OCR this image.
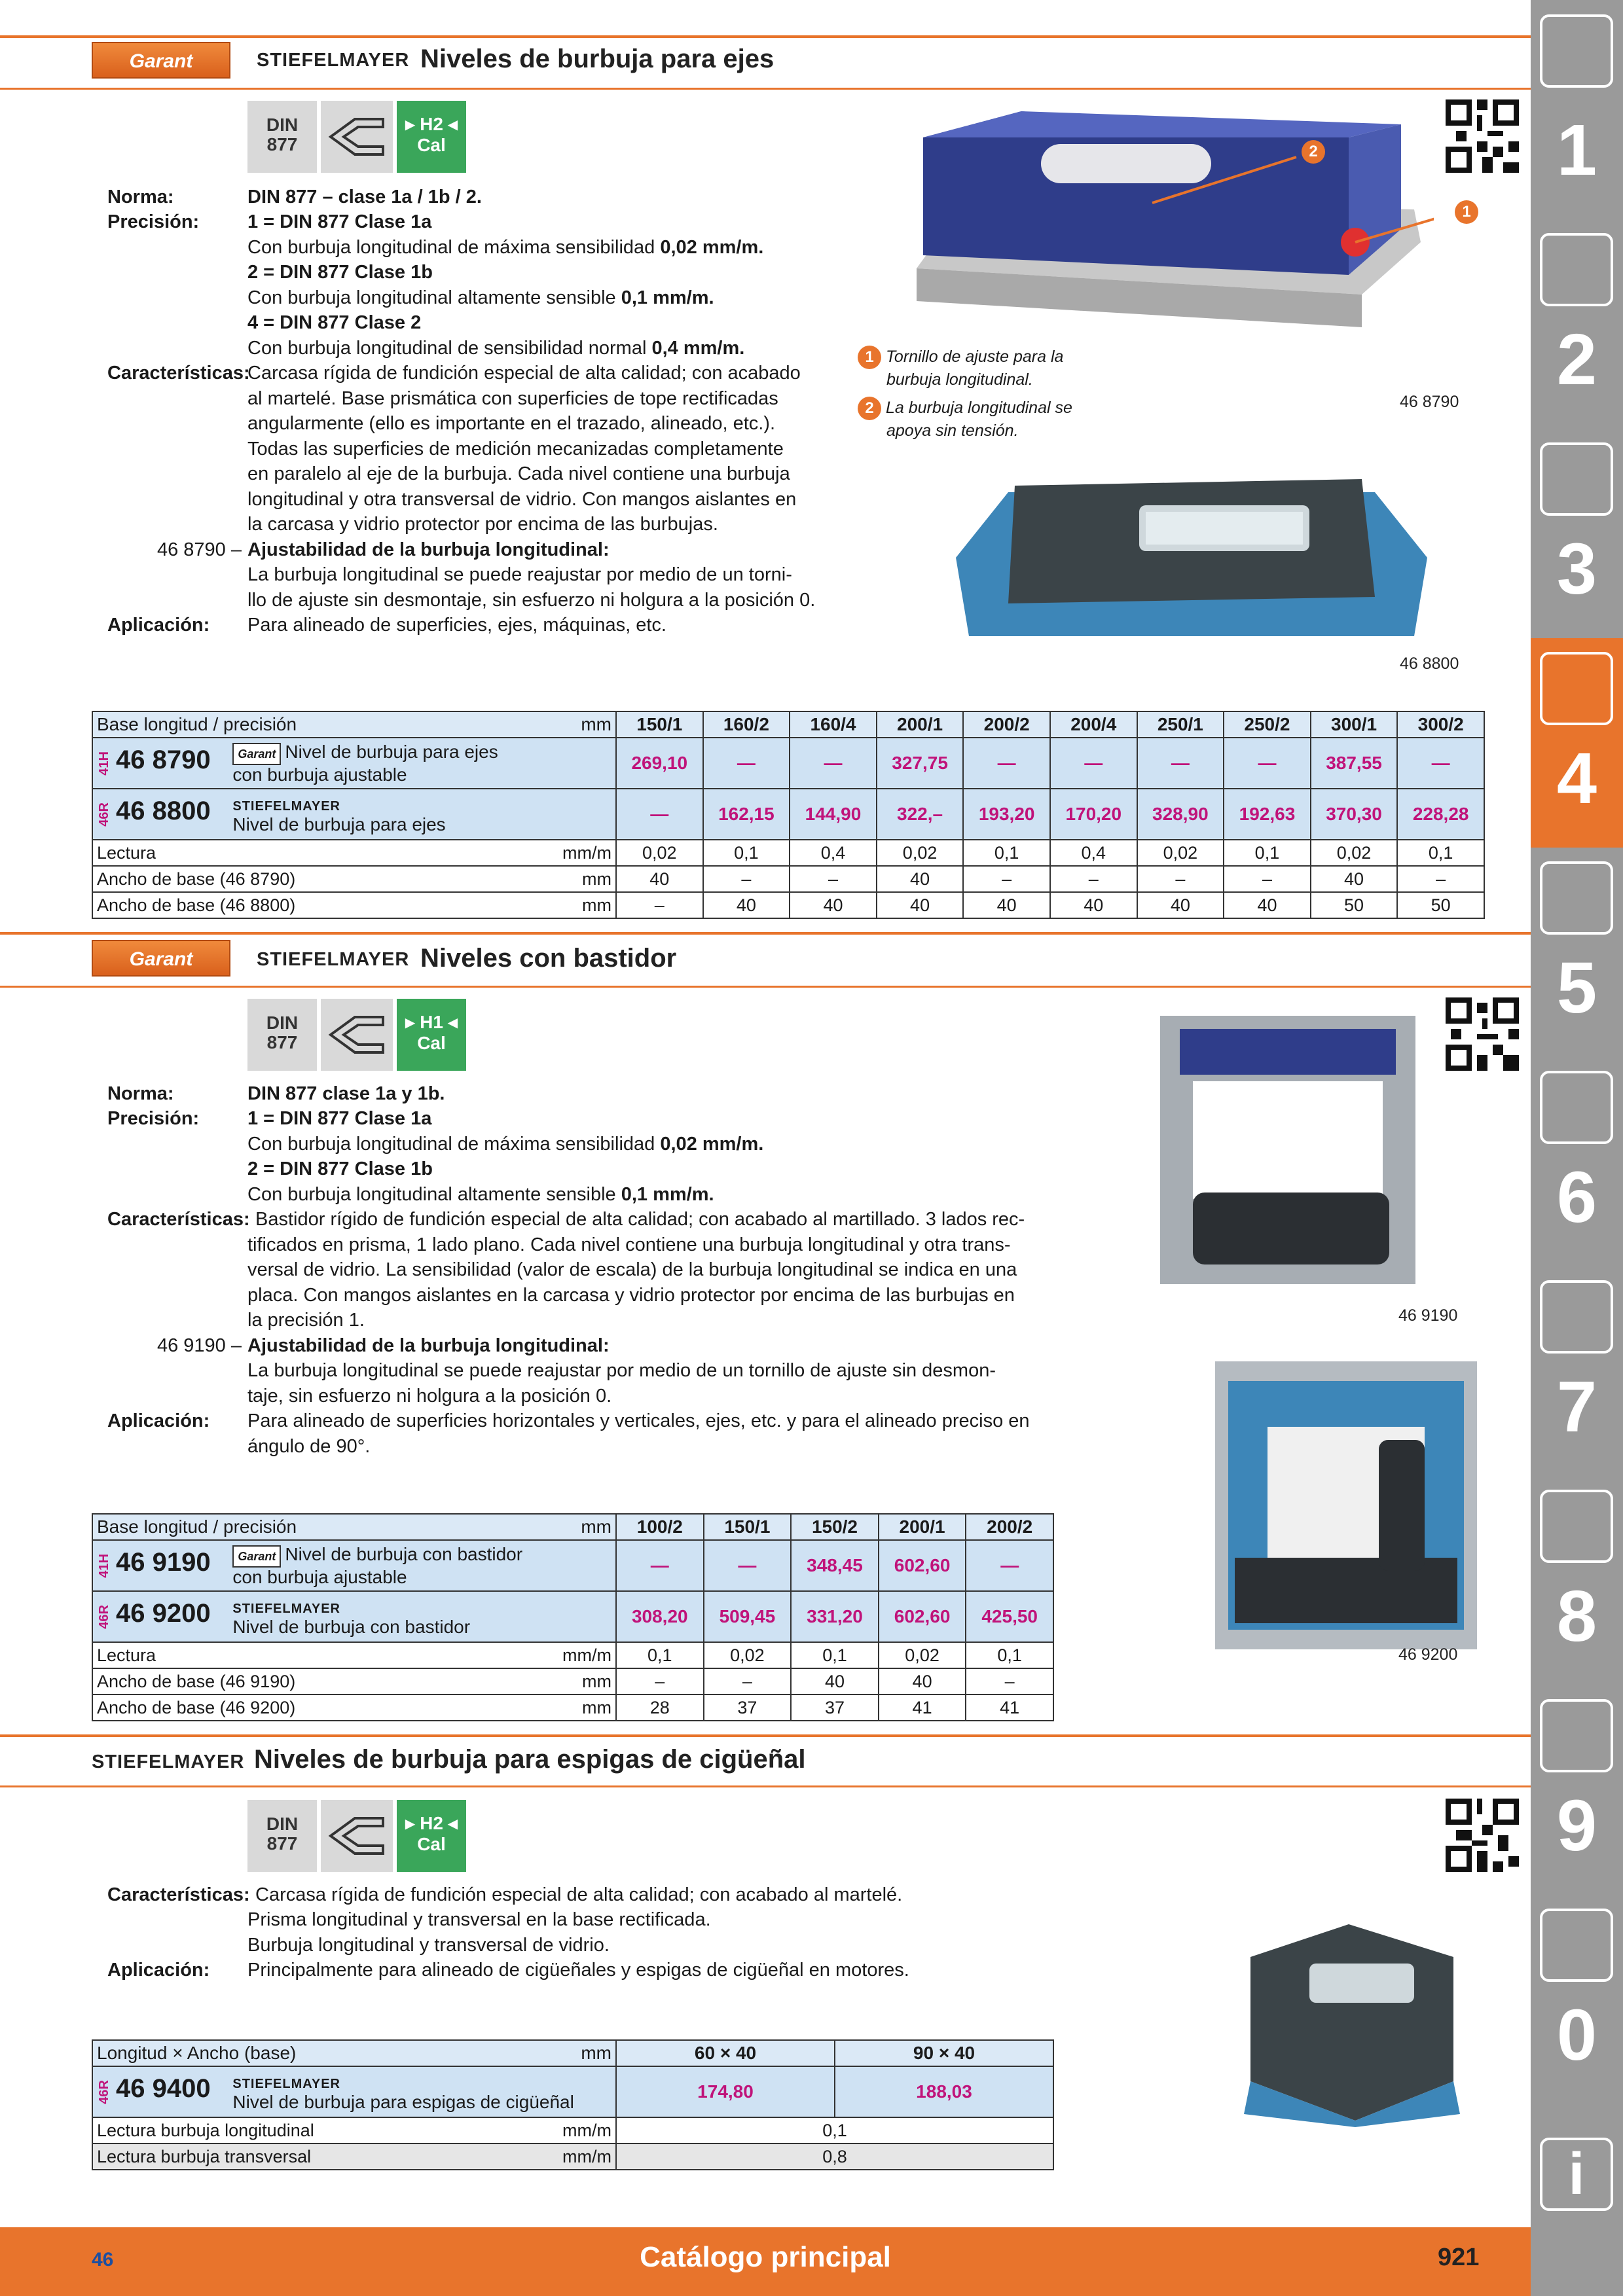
Garant	STIEFELMAYER Niveles de burbuja para ejes
DIN
877
▸ H2 ◂
Cal
Norma:	DIN 877 – clase 1a / 1b / 2.
Precisión:	1 = DIN 877 Clase 1a
Con burbuja longitudinal de máxima sensibilidad 0,02 mm/m.
2 = DIN 877 Clase 1b
Con burbuja longitudinal altamente sensible 0,1 mm/m.
4 = DIN 877 Clase 2
Con burbuja longitudinal de sensibilidad normal 0,4 mm/m.
Características:
Carcasa rígida de fundición especial de alta calidad; con acabado
al martelé. Base prismática con superficies de tope rectificadas
angularmente (ello es importante en el trazado, alineado, etc.).
Todas las superficies de medición mecanizadas completamente
en paralelo al eje de la burbuja. Cada nivel contiene una burbuja
longitudinal y otra transversal de vidrio. Con mangos aislantes en
la carcasa y vidrio protector por encima de las burbujas.
46 8790 – Ajustabilidad de la burbuja longitudinal:
La burbuja longitudinal se puede reajustar por medio de un torni-
llo de ajuste sin desmontaje, sin esfuerzo ni holgura a la posición 0.
Aplicación: Para alineado de superficies, ejes, máquinas, etc.
2
1
1 Tornillo de ajuste para la
burbuja longitudinal.
2 La burbuja longitudinal se
apoya sin tensión.
46 8790
46 8800
Base longitud / precisión mm	150/1	160/2	160/4	200/1	200/2	200/4	250/1	250/2	300/1	300/2
41H 46 8790 Garant Nivel de burbuja para ejes
con burbuja ajustable	269,10	—	—	327,75	—	—	—	—	387,55	—
46R 46 8800 STIEFELMAYER
Nivel de burbuja para ejes	—	162,15	144,90	322,–	193,20	170,20	328,90	192,63	370,30	228,28
Lectura mm/m	0,02	0,1	0,4	0,02	0,1	0,4	0,02	0,1	0,02	0,1
Ancho de base (46 8790) mm	40	–	–	40	–	–	–	–	40	–
Ancho de base (46 8800) mm	–	40	40	40	40	40	40	40	50	50
Garant	STIEFELMAYER Niveles con bastidor
DIN
877
▸ H1 ◂
Cal
Norma:	DIN 877 clase 1a y 1b.
Precisión:	1 = DIN 877 Clase 1a
Con burbuja longitudinal de máxima sensibilidad 0,02 mm/m.
2 = DIN 877 Clase 1b
Con burbuja longitudinal altamente sensible 0,1 mm/m.
Características: Bastidor rígido de fundición especial de alta calidad; con acabado al martillado. 3 lados rec-
tificados en prisma, 1 lado plano. Cada nivel contiene una burbuja longitudinal y otra trans-
versal de vidrio. La sensibilidad (valor de escala) de la burbuja longitudinal se indica en una
placa. Con mangos aislantes en la carcasa y vidrio protector por encima de las burbujas en
la precisión 1.
46 9190 – Ajustabilidad de la burbuja longitudinal:
La burbuja longitudinal se puede reajustar por medio de un tornillo de ajuste sin desmon-
taje, sin esfuerzo ni holgura a la posición 0.
Aplicación: Para alineado de superficies horizontales y verticales, ejes, etc. y para el alineado preciso en
ángulo de 90°.
46 9190
46 9200
Base longitud / precisión mm	100/2	150/1	150/2	200/1	200/2
41H 46 9190 Garant Nivel de burbuja con bastidor
con burbuja ajustable	—	—	348,45	602,60	—
46R 46 9200 STIEFELMAYER
Nivel de burbuja con bastidor	308,20	509,45	331,20	602,60	425,50
Lectura mm/m	0,1	0,02	0,1	0,02	0,1
Ancho de base (46 9190) mm	–	–	40	40	–
Ancho de base (46 9200) mm	28	37	37	41	41
STIEFELMAYER Niveles de burbuja para espigas de cigüeñal
DIN
877
▸ H2 ◂
Cal
Características: Carcasa rígida de fundición especial de alta calidad; con acabado al martelé.
Prisma longitudinal y transversal en la base rectificada.
Burbuja longitudinal y transversal de vidrio.
Aplicación: Principalmente para alineado de cigüeñales y espigas de cigüeñal en motores.
Longitud × Ancho (base) mm	60 × 40	90 × 40
46R 46 9400 STIEFELMAYER
Nivel de burbuja para espigas de cigüeñal	174,80	188,03
Lectura burbuja longitudinal mm/m	0,1	
Lectura burbuja transversal mm/m	0,8	
1
2
3
4
5
6
7
8
9
0
i
46	Catálogo principal	921
